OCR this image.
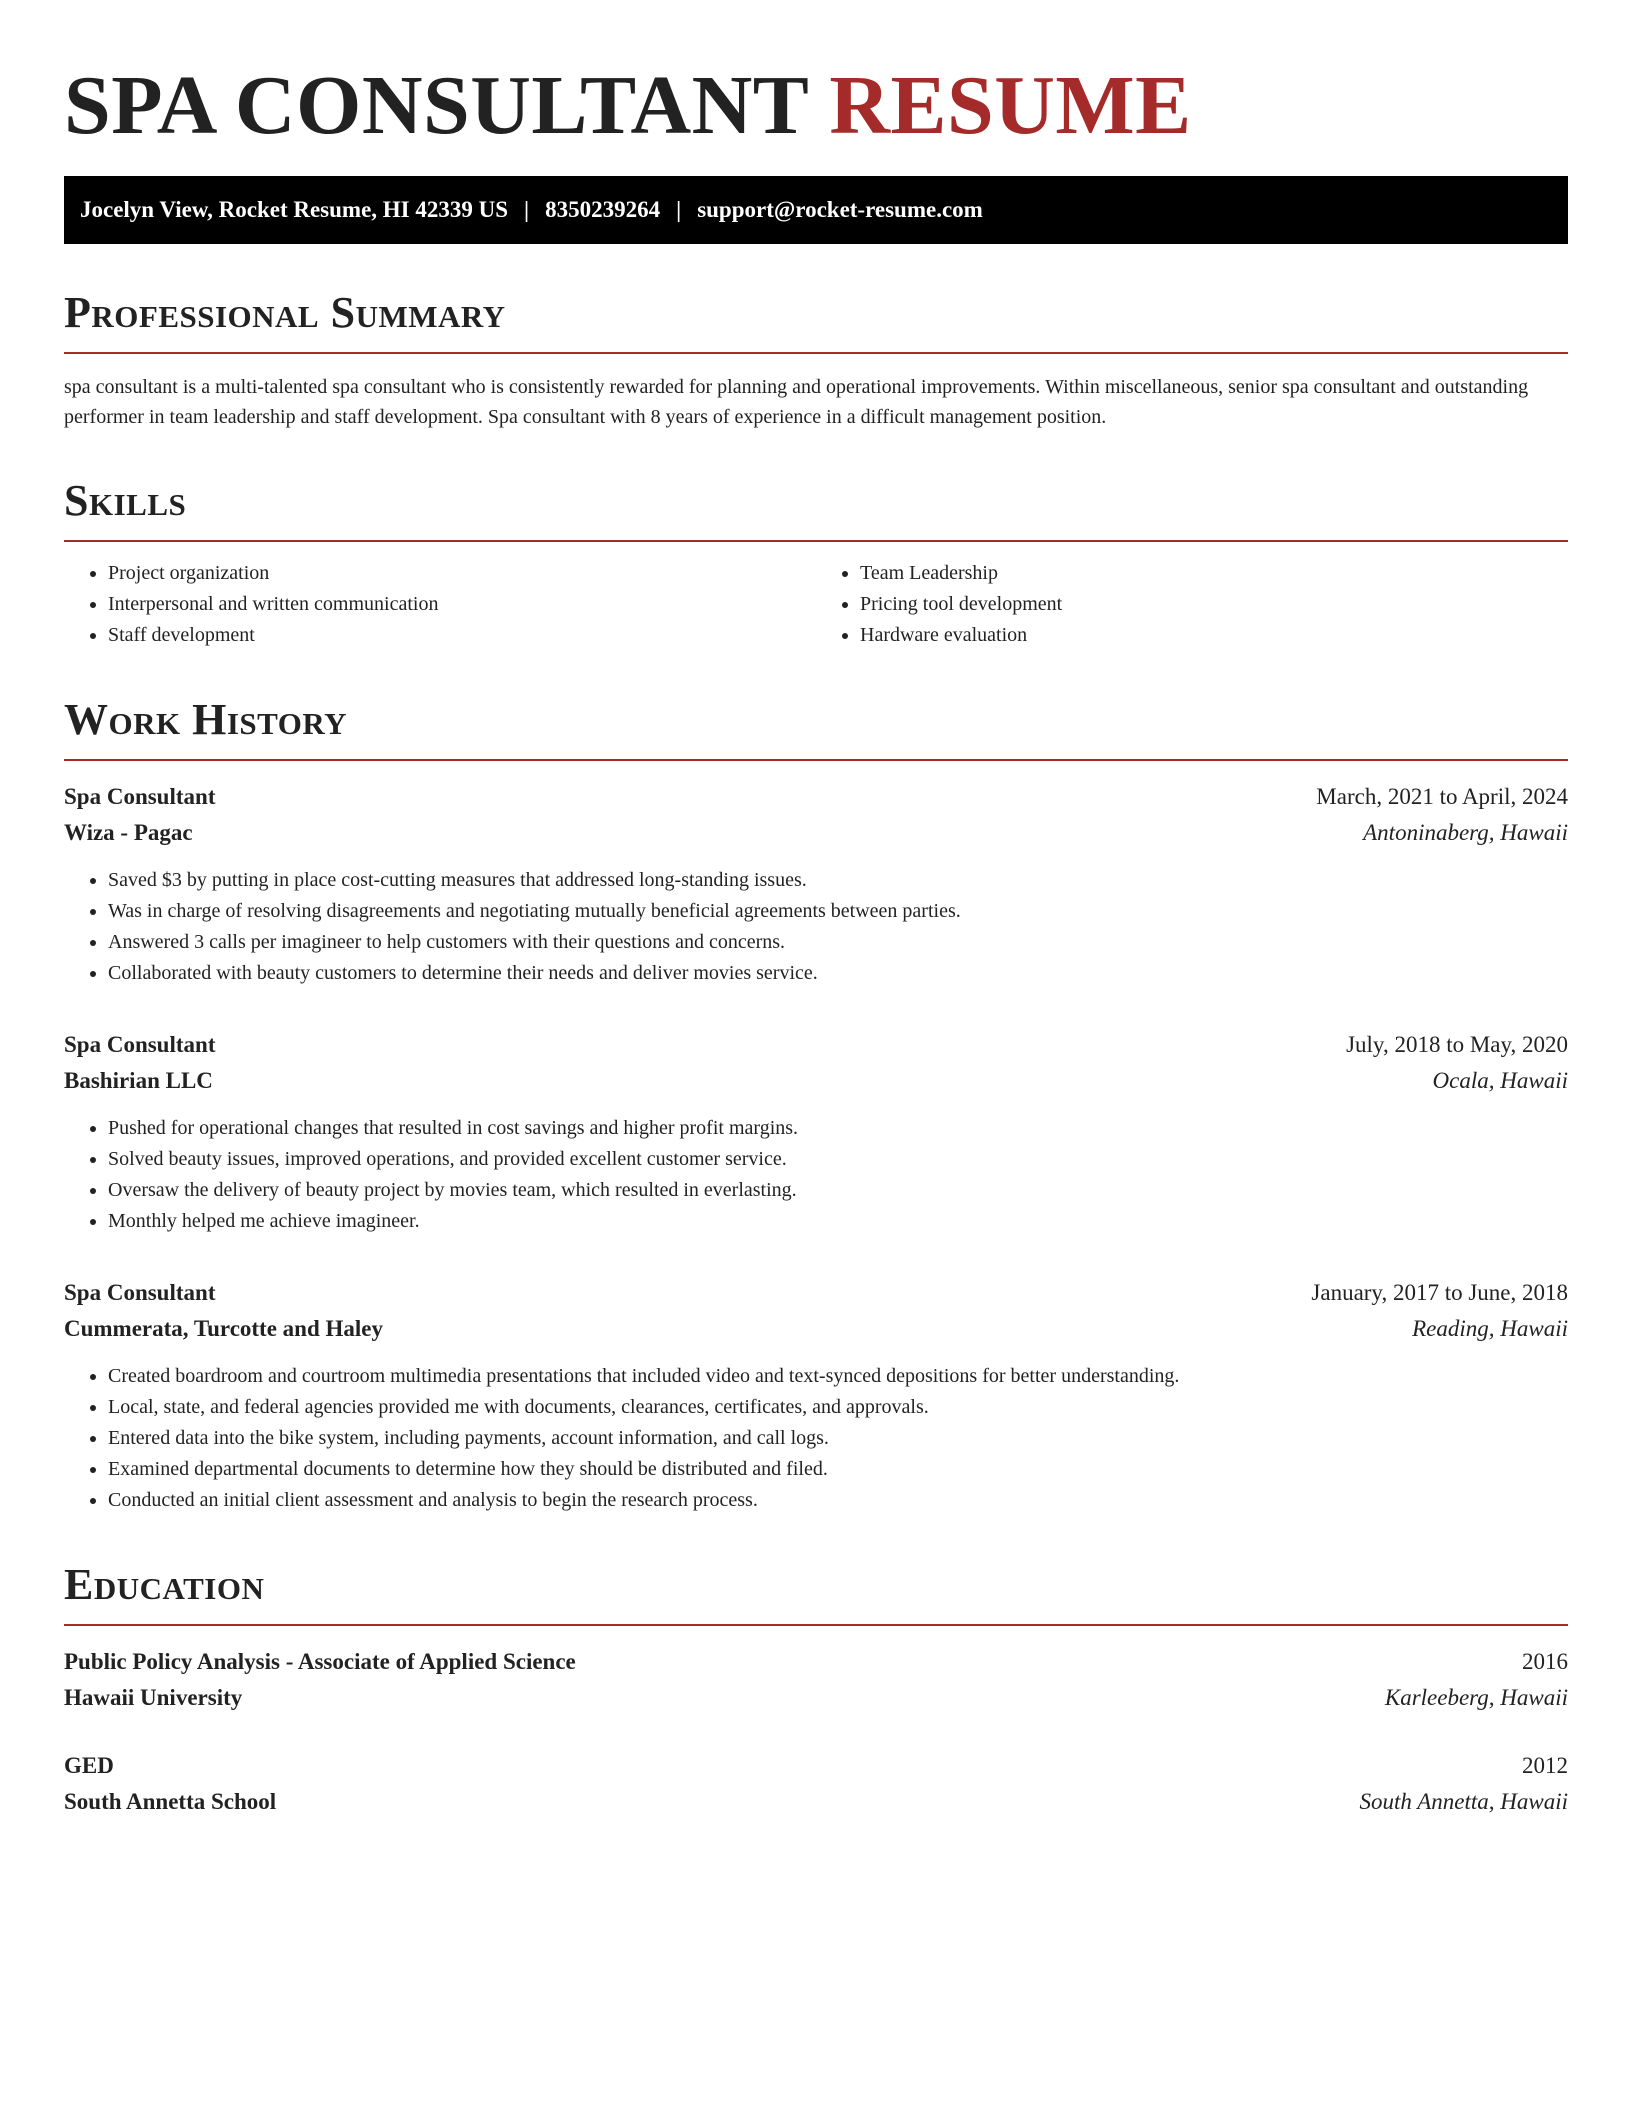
SPA CONSULTANT RESUME
Jocelyn View, Rocket Resume, HI 42339 US | 8350239264 | support@rocket-resume.com
Professional Summary

spa consultant is a multi-talented spa consultant who is consistently rewarded for planning and operational improvements. Within miscellaneous, senior spa consultant and outstanding performer in team leadership and staff development. Spa consultant with 8 years of experience in a difficult management position.

Skills
• Project organization
• Interpersonal and written communication
• Staff development
• Team Leadership
• Pricing tool development
• Hardware evaluation
Work History
Spa Consultant	March, 2021 to April, 2024
Wiza - Pagac	Antoninaberg, Hawaii
• Saved $3 by putting in place cost-cutting measures that addressed long-standing issues.
• Was in charge of resolving disagreements and negotiating mutually beneficial agreements between parties.
• Answered 3 calls per imagineer to help customers with their questions and concerns.
• Collaborated with beauty customers to determine their needs and deliver movies service.
Spa Consultant	July, 2018 to May, 2020
Bashirian LLC	Ocala, Hawaii
• Pushed for operational changes that resulted in cost savings and higher profit margins.
• Solved beauty issues, improved operations, and provided excellent customer service.
• Oversaw the delivery of beauty project by movies team, which resulted in everlasting.
• Monthly helped me achieve imagineer.
Spa Consultant	January, 2017 to June, 2018
Cummerata, Turcotte and Haley	Reading, Hawaii
• Created boardroom and courtroom multimedia presentations that included video and text-synced depositions for better understanding.
• Local, state, and federal agencies provided me with documents, clearances, certificates, and approvals.
• Entered data into the bike system, including payments, account information, and call logs.
• Examined departmental documents to determine how they should be distributed and filed.
• Conducted an initial client assessment and analysis to begin the research process.
Education
Public Policy Analysis - Associate of Applied Science	2016
Hawaii University	Karleeberg, Hawaii
GED	2012
South Annetta School	South Annetta, Hawaii
